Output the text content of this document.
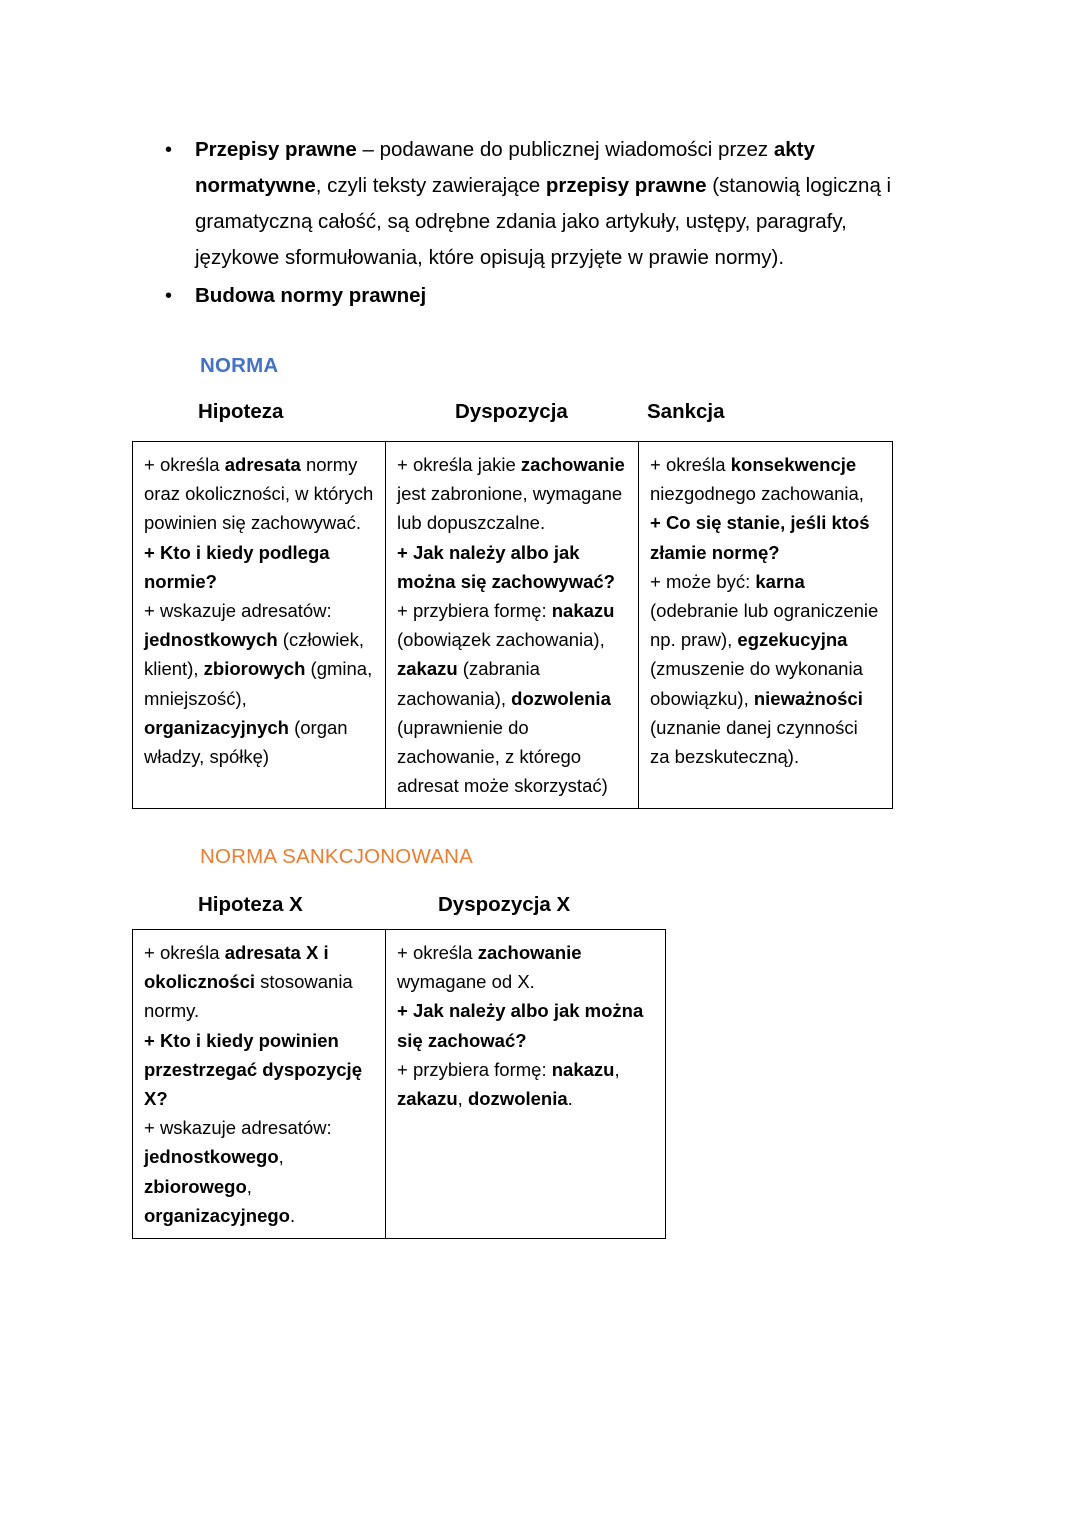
• Przepisy prawne – podawane do publicznej wiadomości przez akty normatywne, czyli teksty zawierające przepisy prawne (stanowią logiczną i gramatyczną całość, są odrębne zdania jako artykuły, ustępy, paragrafy, językowe sformułowania, które opisują przyjęte w prawie normy).
• Budowa normy prawnej
NORMA
Hipoteza	Dyspozycja	Sankcja
+ określa adresata normy oraz okoliczności, w których powinien się zachowywać.
+ Kto i kiedy podlega normie?
+ wskazuje adresatów: jednostkowych (człowiek, klient), zbiorowych (gmina, mniejszość), organizacyjnych (organ władzy, spółkę)

+ określa jakie zachowanie jest zabronione, wymagane lub dopuszczalne.
+ Jak należy albo jak można się zachowywać?
+ przybiera formę: nakazu (obowiązek zachowania), zakazu (zabrania zachowania), dozwolenia (uprawnienie do zachowanie, z którego adresat może skorzystać)

+ określa konsekwencje niezgodnego zachowania,
+ Co się stanie, jeśli ktoś złamie normę?
+ może być: karna (odebranie lub ograniczenie np. praw), egzekucyjna (zmuszenie do wykonania obowiązku), nieważności (uznanie danej czynności za bezskuteczną).
NORMA SANKCJONOWANA
Hipoteza X	Dyspozycja X
+ określa adresata X i okoliczności stosowania normy.
+ Kto i kiedy powinien przestrzegać dyspozycję X?
+ wskazuje adresatów: jednostkowego, zbiorowego, organizacyjnego.

+ określa zachowanie wymagane od X.
+ Jak należy albo jak można się zachować?
+ przybiera formę: nakazu, zakazu, dozwolenia.
